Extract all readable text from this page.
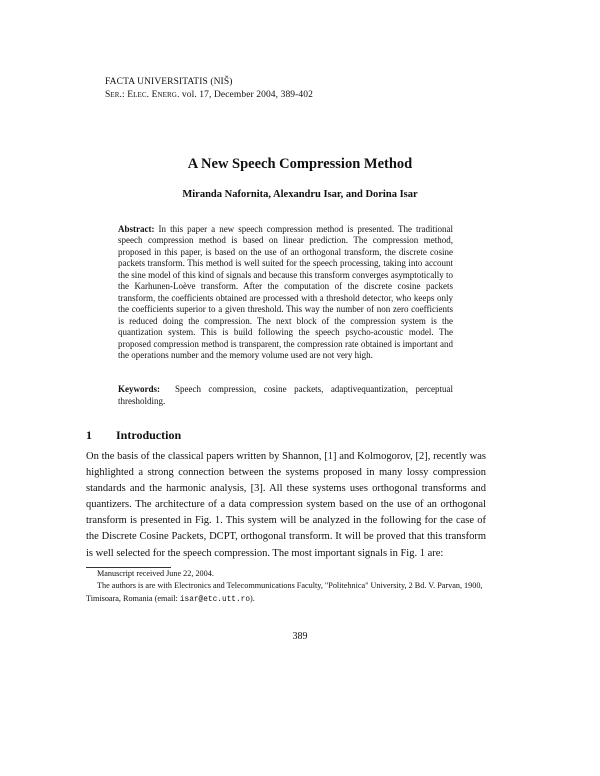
FACTA UNIVERSITATIS (NIŠ)
Ser.: Elec. Energ. vol. 17, December 2004, 389-402
A New Speech Compression Method
Miranda Nafornita, Alexandru Isar, and Dorina Isar
Abstract: In this paper a new speech compression method is presented. The traditional speech compression method is based on linear prediction. The compression method, proposed in this paper, is based on the use of an orthogonal transform, the discrete cosine packets transform. This method is well suited for the speech processing, taking into account the sine model of this kind of signals and because this transform converges asymptotically to the Karhunen-Loève transform. After the computation of the discrete cosine packets transform, the coefficients obtained are processed with a threshold detector, who keeps only the coefficients superior to a given threshold. This way the number of non zero coefficients is reduced doing the compression. The next block of the compression system is the quantization system. This is build following the speech psycho-acoustic model. The proposed compression method is transparent, the compression rate obtained is important and the operations number and the memory volume used are not very high.
Keywords: Speech compression, cosine packets, adaptivequantization, perceptual thresholding.
1 Introduction
On the basis of the classical papers written by Shannon, [1] and Kolmogorov, [2], recently was highlighted a strong connection between the systems proposed in many lossy compression standards and the harmonic analysis, [3]. All these systems uses orthogonal transforms and quantizers. The architecture of a data compression system based on the use of an orthogonal transform is presented in Fig. 1. This system will be analyzed in the following for the case of the Discrete Cosine Packets, DCPT, orthogonal transform. It will be proved that this transform is well selected for the speech compression. The most important signals in Fig. 1 are:
Manuscript received June 22, 2004.
The authors is are with Electronics and Telecommunications Faculty, "Politehnica" University, 2 Bd. V. Parvan, 1900, Timisoara, Romania (email: isar@etc.utt.ro).
389
